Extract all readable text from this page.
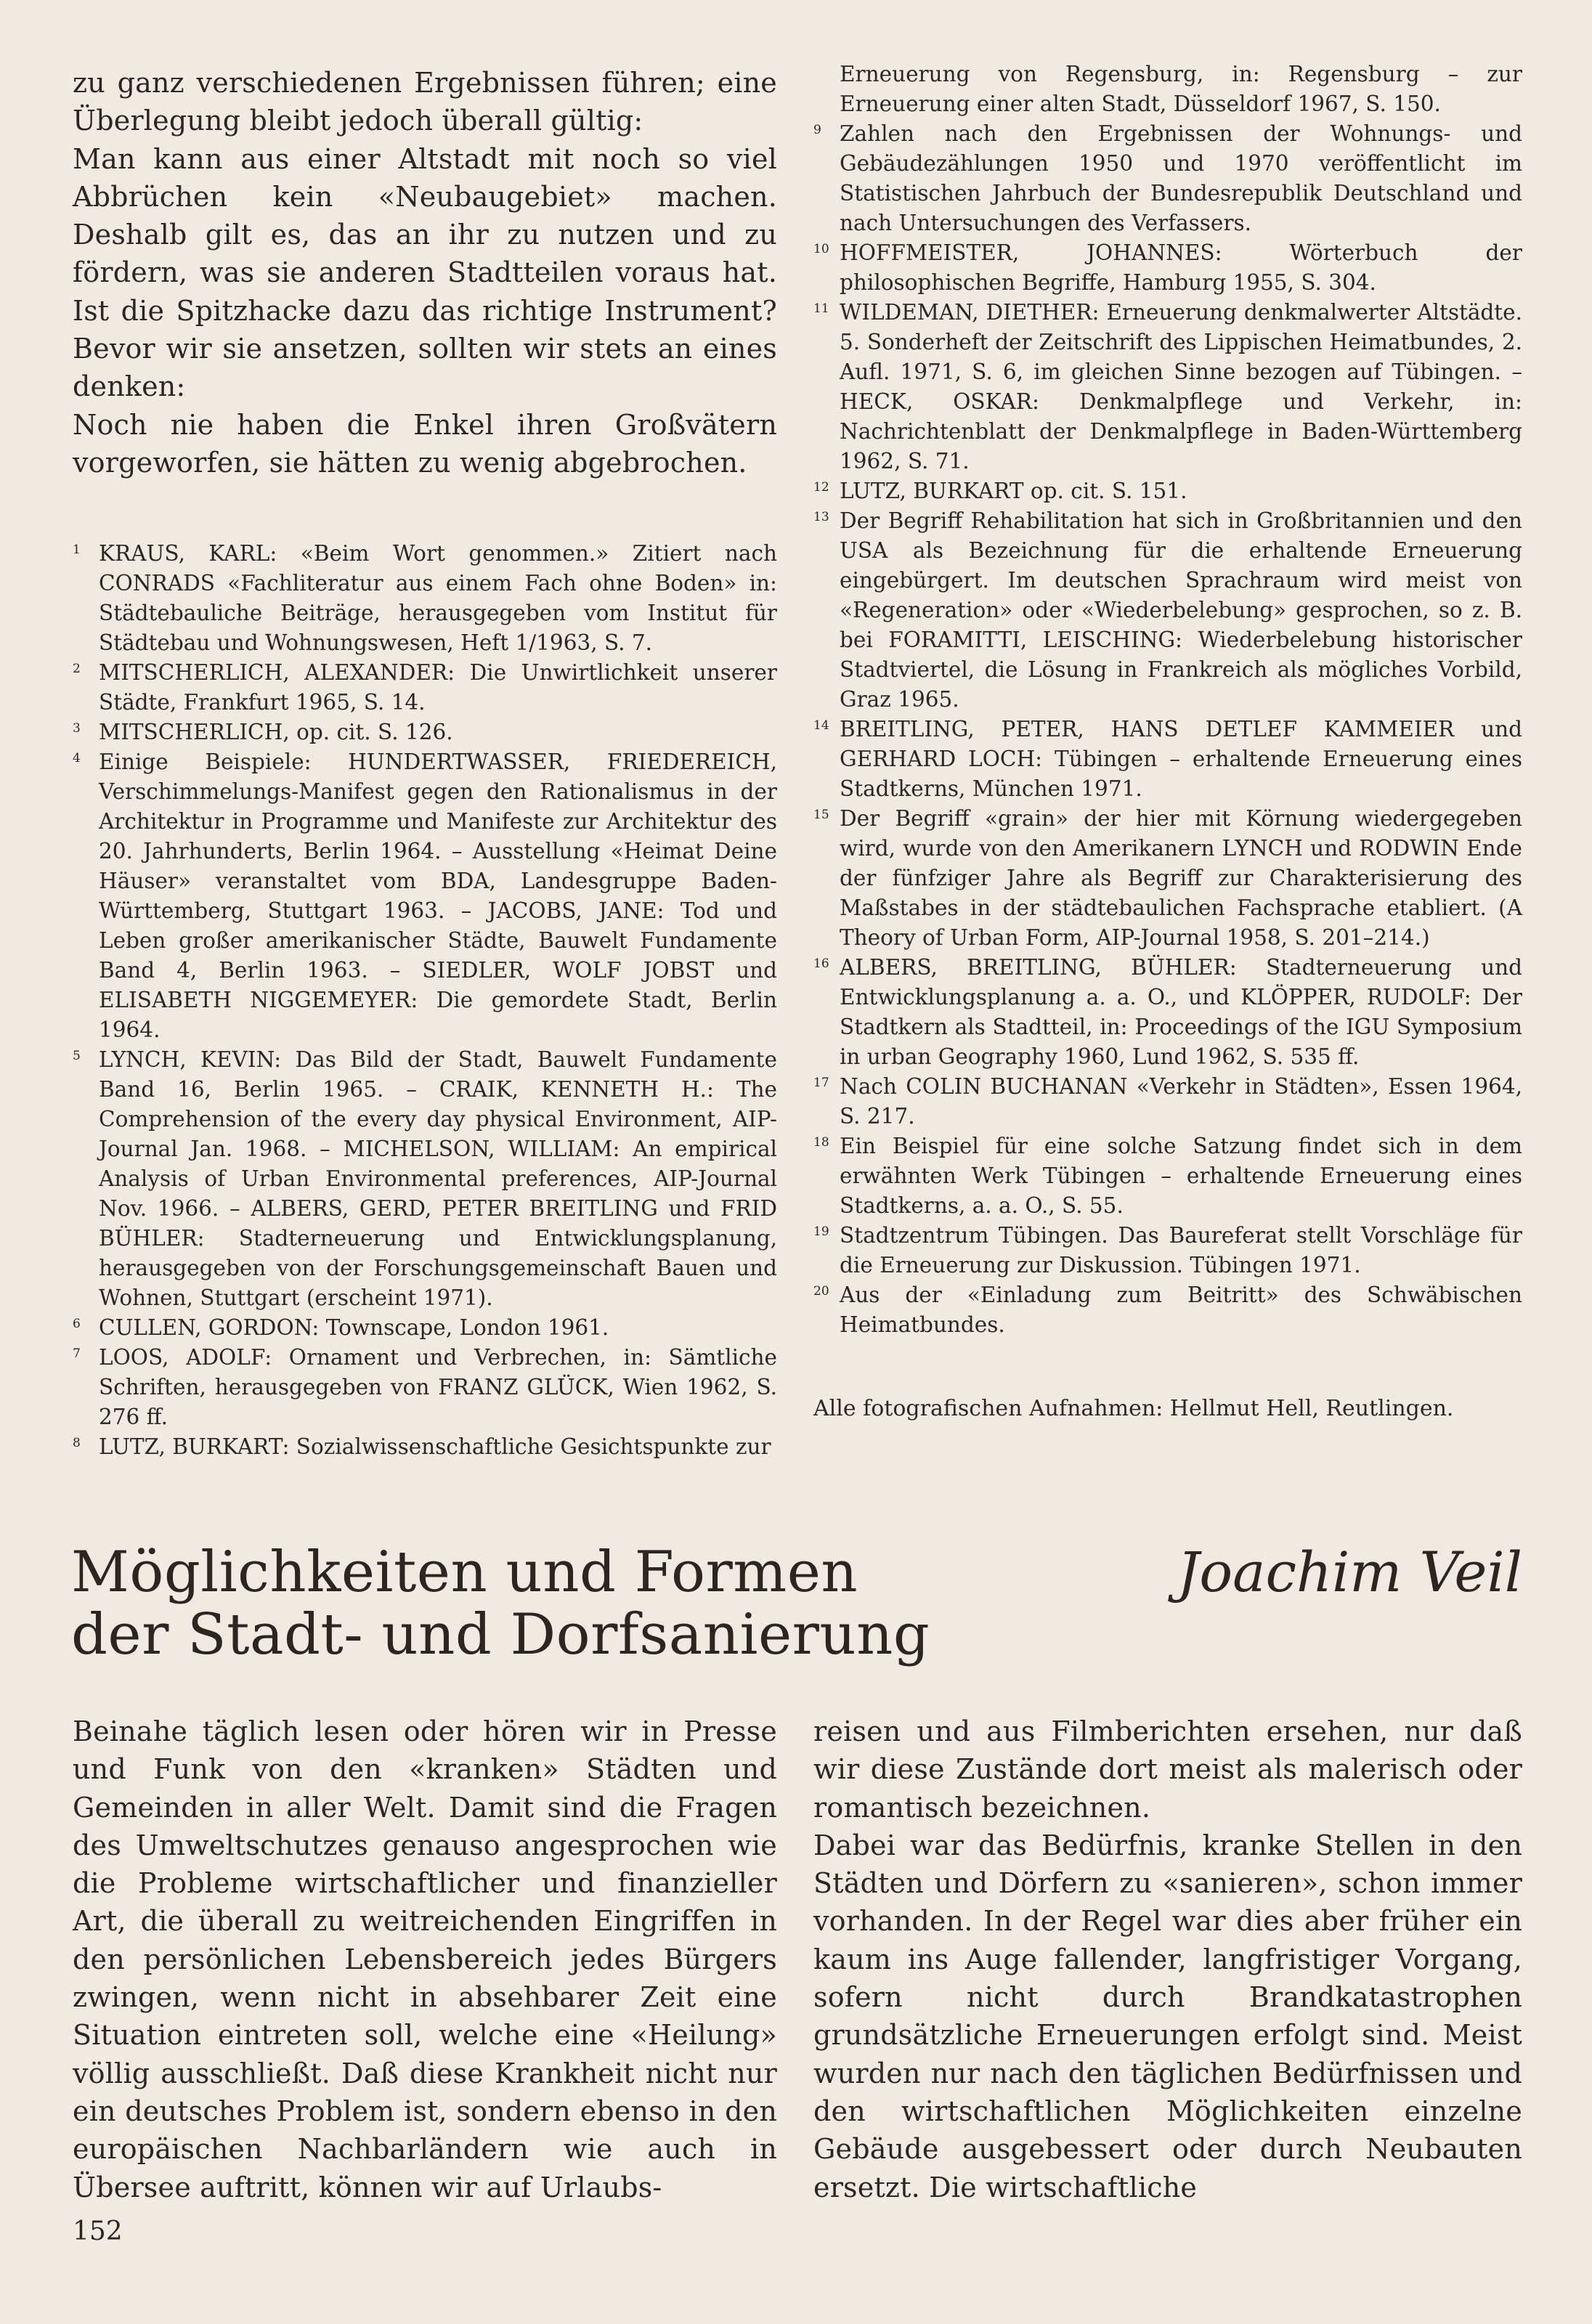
zu ganz verschiedenen Ergebnissen führen; eine Überlegung bleibt jedoch überall gültig:

Man kann aus einer Altstadt mit noch so viel Abbrüchen kein «Neubaugebiet» machen. Deshalb gilt es, das an ihr zu nutzen und zu fördern, was sie anderen Stadtteilen voraus hat. Ist die Spitzhacke dazu das richtige Instrument? Bevor wir sie ansetzen, sollten wir stets an eines denken:

Noch nie haben die Enkel ihren Großvätern vorgeworfen, sie hätten zu wenig abgebrochen.

1 KRAUS, KARL: «Beim Wort genommen.» Zitiert nach CONRADS «Fachliteratur aus einem Fach ohne Boden» in: Städtebauliche Beiträge, herausgegeben vom Institut für Städtebau und Wohnungswesen, Heft 1/1963, S. 7.
2 MITSCHERLICH, ALEXANDER: Die Unwirtlichkeit unserer Städte, Frankfurt 1965, S. 14.
3 MITSCHERLICH, op. cit. S. 126.
4 Einige Beispiele: HUNDERTWASSER, FRIEDEREICH, Verschimmelungs-Manifest gegen den Rationalismus in der Architektur in Programme und Manifeste zur Architektur des 20. Jahrhunderts, Berlin 1964. – Ausstellung «Heimat Deine Häuser» veranstaltet vom BDA, Landesgruppe Baden-Württemberg, Stuttgart 1963. – JACOBS, JANE: Tod und Leben großer amerikanischer Städte, Bauwelt Fundamente Band 4, Berlin 1963. – SIEDLER, WOLF JOBST und ELISABETH NIGGEMEYER: Die gemordete Stadt, Berlin 1964.
5 LYNCH, KEVIN: Das Bild der Stadt, Bauwelt Fundamente Band 16, Berlin 1965. – CRAIK, KENNETH H.: The Comprehension of the every day physical Environment, AIP-Journal Jan. 1968. – MICHELSON, WILLIAM: An empirical Analysis of Urban Environmental preferences, AIP-Journal Nov. 1966. – ALBERS, GERD, PETER BREITLING und FRID BÜHLER: Stadterneuerung und Entwicklungsplanung, herausgegeben von der Forschungsgemeinschaft Bauen und Wohnen, Stuttgart (erscheint 1971).
6 CULLEN, GORDON: Townscape, London 1961.
7 LOOS, ADOLF: Ornament und Verbrechen, in: Sämtliche Schriften, herausgegeben von FRANZ GLÜCK, Wien 1962, S. 276 ff.
8 LUTZ, BURKART: Sozialwissenschaftliche Gesichtspunkte zur
Erneuerung von Regensburg, in: Regensburg – zur Erneuerung einer alten Stadt, Düsseldorf 1967, S. 150.
9 Zahlen nach den Ergebnissen der Wohnungs- und Gebäudezählungen 1950 und 1970 veröffentlicht im Statistischen Jahrbuch der Bundesrepublik Deutschland und nach Untersuchungen des Verfassers.
10 HOFFMEISTER, JOHANNES: Wörterbuch der philosophischen Begriffe, Hamburg 1955, S. 304.
11 WILDEMAN, DIETHER: Erneuerung denkmalwerter Altstädte. 5. Sonderheft der Zeitschrift des Lippischen Heimatbundes, 2. Aufl. 1971, S. 6, im gleichen Sinne bezogen auf Tübingen. – HECK, OSKAR: Denkmalpflege und Verkehr, in: Nachrichtenblatt der Denkmalpflege in Baden-Württemberg 1962, S. 71.
12 LUTZ, BURKART op. cit. S. 151.
13 Der Begriff Rehabilitation hat sich in Großbritannien und den USA als Bezeichnung für die erhaltende Erneuerung eingebürgert. Im deutschen Sprachraum wird meist von «Regeneration» oder «Wiederbelebung» gesprochen, so z. B. bei FORAMITTI, LEISCHING: Wiederbelebung historischer Stadtviertel, die Lösung in Frankreich als mögliches Vorbild, Graz 1965.
14 BREITLING, PETER, HANS DETLEF KAMMEIER und GERHARD LOCH: Tübingen – erhaltende Erneuerung eines Stadtkerns, München 1971.
15 Der Begriff «grain» der hier mit Körnung wiedergegeben wird, wurde von den Amerikanern LYNCH und RODWIN Ende der fünfziger Jahre als Begriff zur Charakterisierung des Maßstabes in der städtebaulichen Fachsprache etabliert. (A Theory of Urban Form, AIP-Journal 1958, S. 201–214.)
16 ALBERS, BREITLING, BÜHLER: Stadterneuerung und Entwicklungsplanung a. a. O., und KLÖPPER, RUDOLF: Der Stadtkern als Stadtteil, in: Proceedings of the IGU Symposium in urban Geography 1960, Lund 1962, S. 535 ff.
17 Nach COLIN BUCHANAN «Verkehr in Städten», Essen 1964, S. 217.
18 Ein Beispiel für eine solche Satzung findet sich in dem erwähnten Werk Tübingen – erhaltende Erneuerung eines Stadtkerns, a. a. O., S. 55.
19 Stadtzentrum Tübingen. Das Baureferat stellt Vorschläge für die Erneuerung zur Diskussion. Tübingen 1971.
20 Aus der «Einladung zum Beitritt» des Schwäbischen Heimatbundes.
Alle fotografischen Aufnahmen: Hellmut Hell, Reutlingen.
Möglichkeiten und Formen
der Stadt- und Dorfsanierung
Joachim Veil

Beinahe täglich lesen oder hören wir in Presse und Funk von den «kranken» Städten und Gemeinden in aller Welt. Damit sind die Fragen des Umweltschutzes genauso angesprochen wie die Probleme wirtschaftlicher und finanzieller Art, die überall zu weitreichenden Eingriffen in den persönlichen Lebensbereich jedes Bürgers zwingen, wenn nicht in absehbarer Zeit eine Situation eintreten soll, welche eine «Heilung» völlig ausschließt. Daß diese Krankheit nicht nur ein deutsches Problem ist, sondern ebenso in den europäischen Nachbarländern wie auch in Übersee auftritt, können wir auf Urlaubs-

reisen und aus Filmberichten ersehen, nur daß wir diese Zustände dort meist als malerisch oder romantisch bezeichnen.

Dabei war das Bedürfnis, kranke Stellen in den Städten und Dörfern zu «sanieren», schon immer vorhanden. In der Regel war dies aber früher ein kaum ins Auge fallender, langfristiger Vorgang, sofern nicht durch Brandkatastrophen grundsätzliche Erneuerungen erfolgt sind. Meist wurden nur nach den täglichen Bedürfnissen und den wirtschaftlichen Möglichkeiten einzelne Gebäude ausgebessert oder durch Neubauten ersetzt. Die wirtschaftliche

152
